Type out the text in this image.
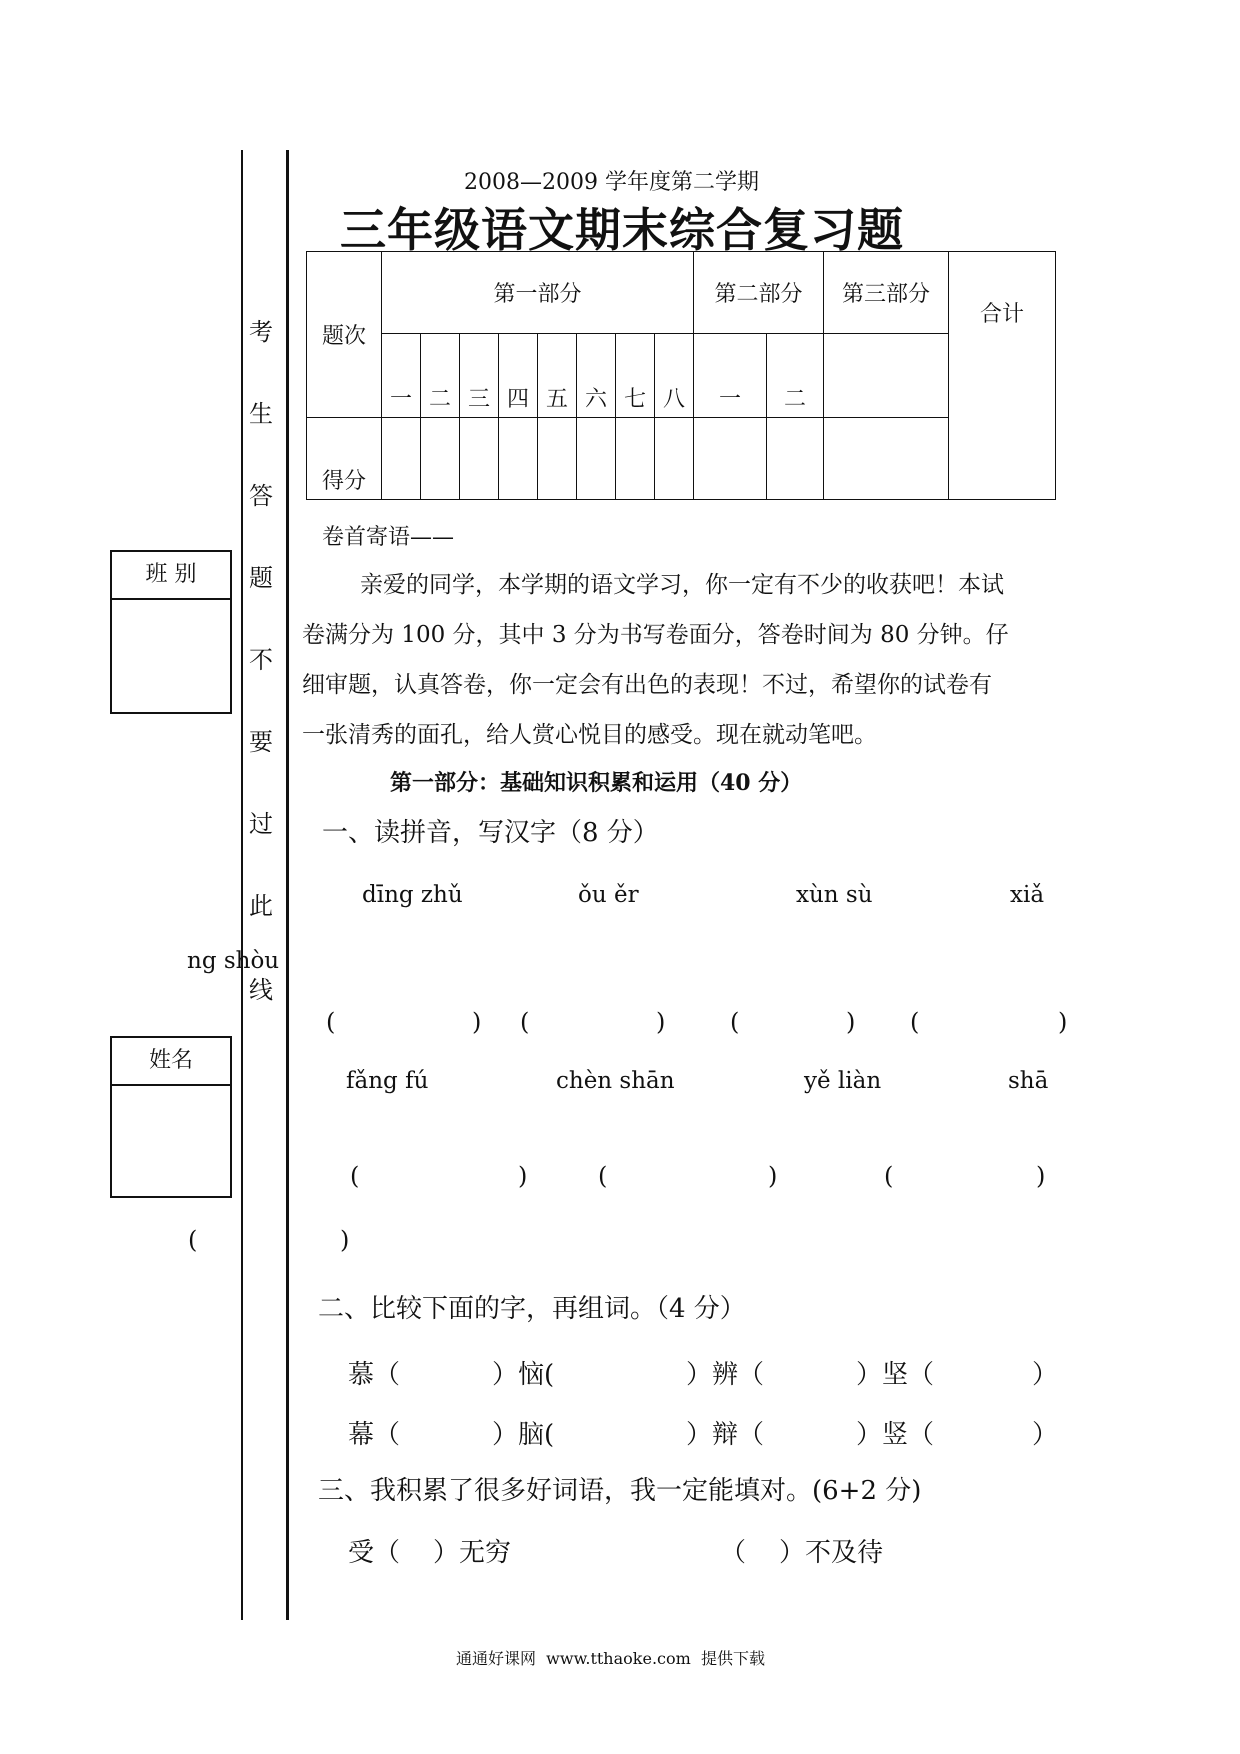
考
生
答
题
不
要
过
此
线
ng shòu
(
班 别
姓名
2008—2009 学年度第二学期
三年级语文期末综合复习题
题次	第一部分								第二部分		第三部分	合计
	一	二	三	四	五	六	七	八	一	二		
得分												
卷首寄语——
亲爱的同学，本学期的语文学习，你一定有不少的收获吧！本试
卷满分为 100 分，其中 3 分为书写卷面分，答卷时间为 80 分钟。仔
细审题，认真答卷，你一定会有出色的表现！不过，希望你的试卷有
一张清秀的面孔，给人赏心悦目的感受。现在就动笔吧。
第一部分：基础知识积累和运用（40 分）
一、读拼音，写汉字（8 分）
dīng zhǔ	ǒu ěr	xùn sù	xiǎ
(	) (	)	(	) (	)
fǎng fú	chèn shān	yě liàn	shā
(	)	(	)	(	)
)
二、比较下面的字，再组词。（4 分）
慕（	）恼(	）辨（	）坚（	）
幕（	）脑(	）辩（	）竖（	）
三、我积累了很多好词语，我一定能填对。(6+2 分)
受（    ）无穷	（    ）不及待
通通好课网  www.tthaoke.com  提供下载
